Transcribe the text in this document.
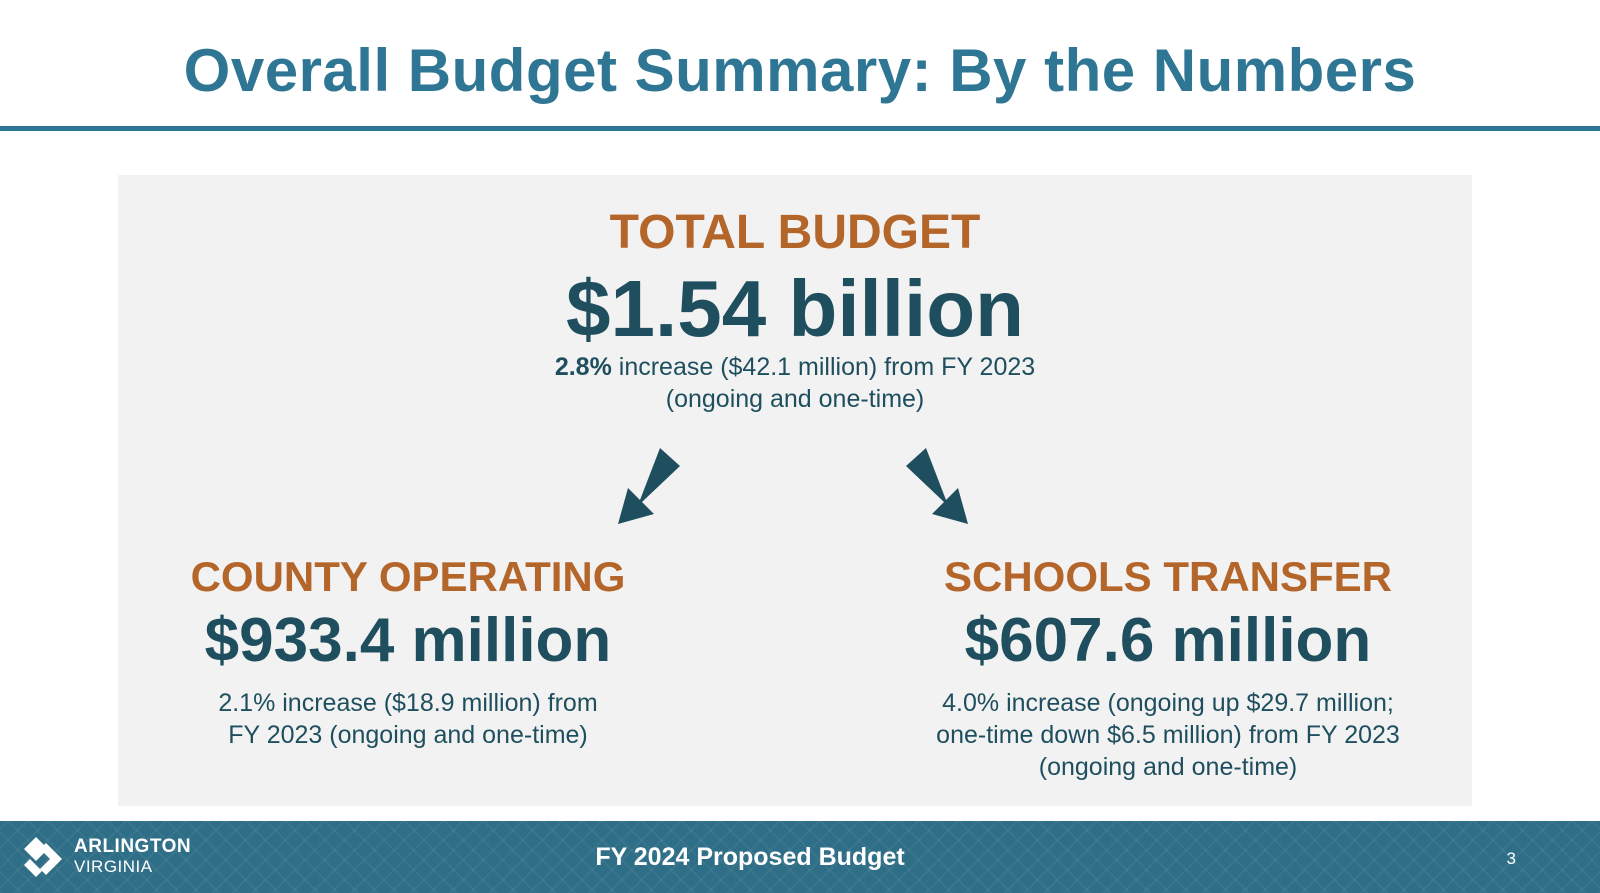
Overall Budget Summary: By the Numbers
TOTAL BUDGET
$1.54 billion
2.8% increase ($42.1 million) from FY 2023
(ongoing and one-time)
COUNTY OPERATING
$933.4 million
2.1% increase ($18.9 million) from
FY 2023 (ongoing and one-time)
SCHOOLS TRANSFER
$607.6 million
4.0% increase (ongoing up $29.7 million;
one-time down $6.5 million) from FY 2023
(ongoing and one-time)
ARLINGTON
VIRGINIA	FY 2024 Proposed Budget	3
